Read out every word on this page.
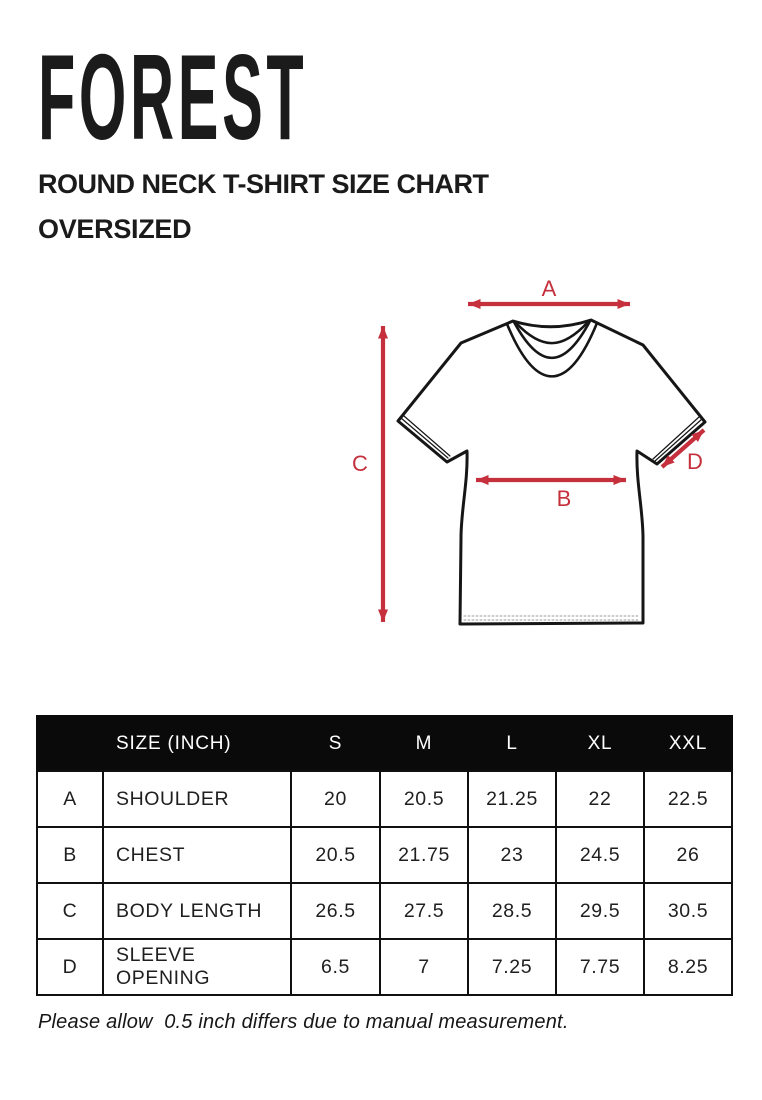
FOREST
ROUND NECK T-SHIRT SIZE CHART
OVERSIZED
A
C
B
D
	SIZE (INCH)	S	M	L	XL	XXL
A	SHOULDER	20	20.5	21.25	22	22.5
B	CHEST	20.5	21.75	23	24.5	26
C	BODY LENGTH	26.5	27.5	28.5	29.5	30.5
D	SLEEVE OPENING	6.5	7	7.25	7.75	8.25

Please allow  0.5 inch differs due to manual measurement.
